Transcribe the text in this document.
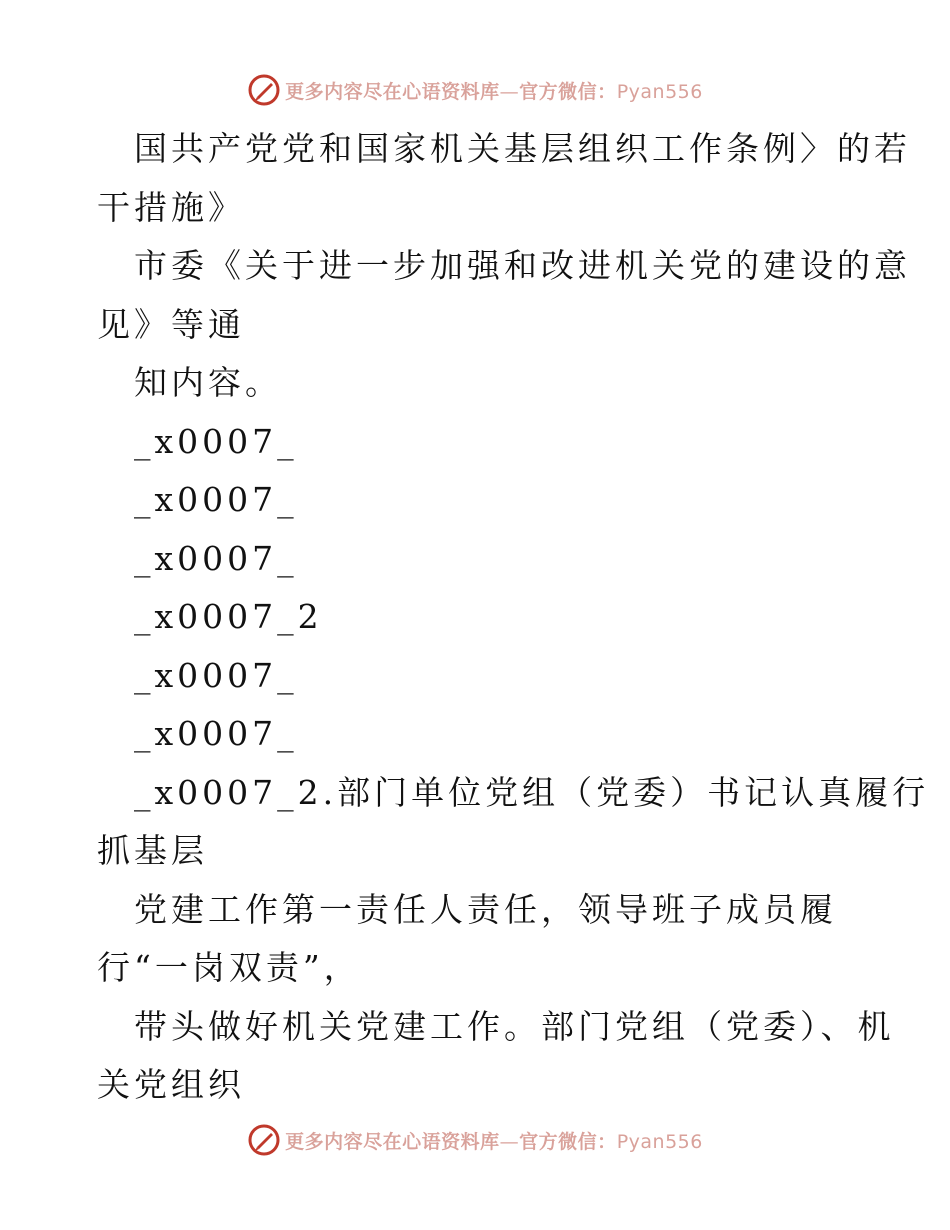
更多内容尽在心语资料库—官方微信：Pyan556
国共产党党和国家机关基层组织工作条例〉的若
干措施》
市委《关于进一步加强和改进机关党的建设的意
见》等通
知内容。
_x0007_
_x0007_
_x0007_
_x0007_2
_x0007_
_x0007_
_x0007_2.部门单位党组（党委）书记认真履行
抓基层
党建工作第一责任人责任，领导班子成员履
行“一岗双责”，
带头做好机关党建工作。部门党组（党委）、机
关党组织
更多内容尽在心语资料库—官方微信：Pyan556
